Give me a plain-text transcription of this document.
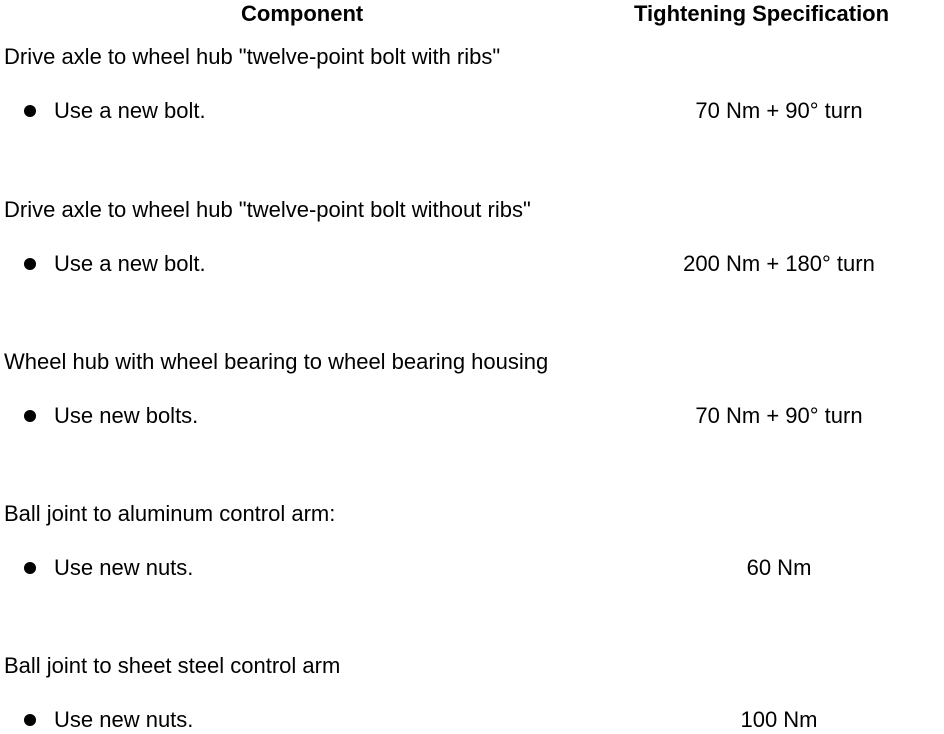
Component	Tightening Specification
Drive axle to wheel hub "twelve-point bolt with ribs"
Use a new bolt.	70 Nm + 90° turn
Drive axle to wheel hub "twelve-point bolt without ribs"
Use a new bolt.	200 Nm + 180° turn
Wheel hub with wheel bearing to wheel bearing housing
Use new bolts.	70 Nm + 90° turn
Ball joint to aluminum control arm:
Use new nuts.	60 Nm
Ball joint to sheet steel control arm
Use new nuts.	100 Nm
